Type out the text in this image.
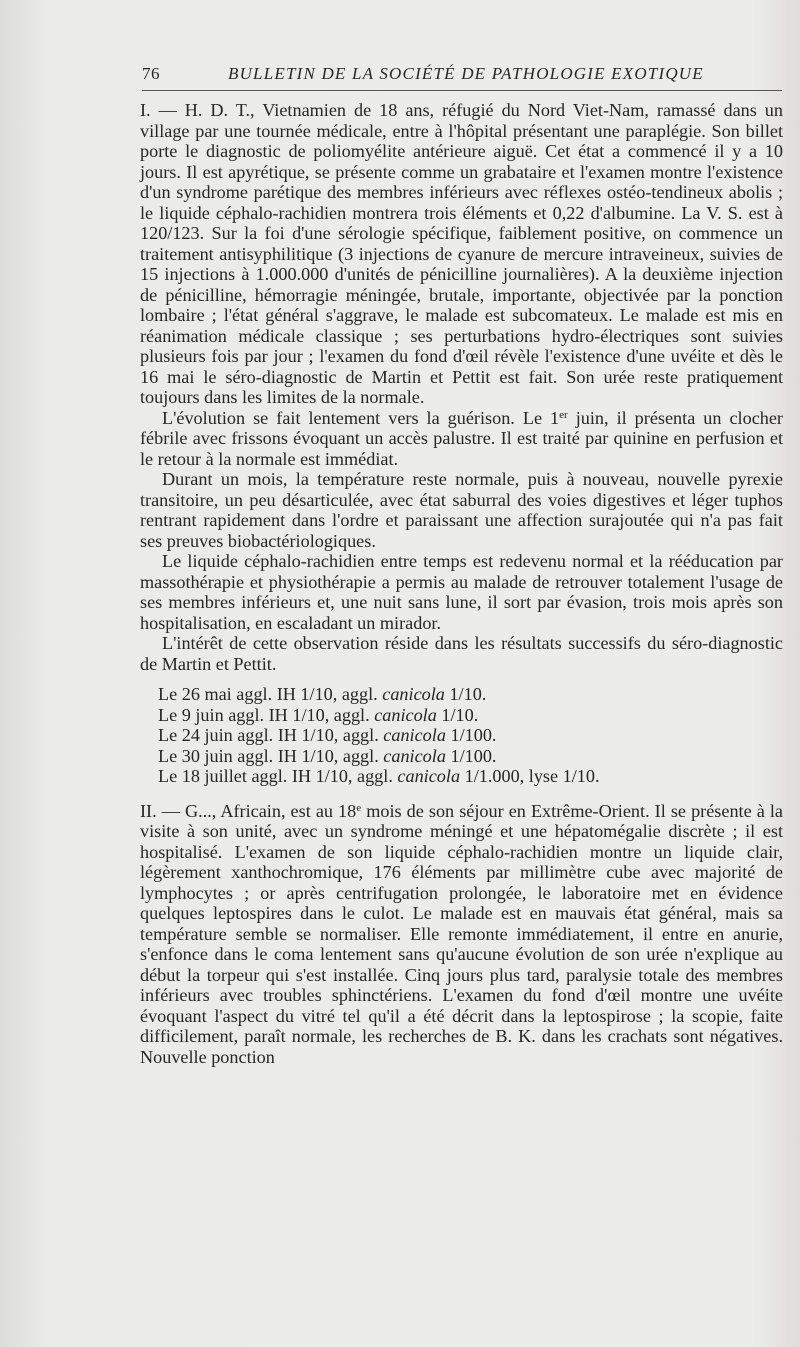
76	BULLETIN DE LA SOCIÉTÉ DE PATHOLOGIE EXOTIQUE

I. — H. D. T., Vietnamien de 18 ans, réfugié du Nord Viet-Nam, ramassé dans un village par une tournée médicale, entre à l'hôpital présentant une paraplégie. Son billet porte le diagnostic de poliomyélite antérieure aiguë. Cet état a commencé il y a 10 jours. Il est apyrétique, se présente comme un grabataire et l'examen montre l'existence d'un syndrome parétique des membres inférieurs avec réflexes ostéo-tendineux abolis ; le liquide céphalo-rachidien montrera trois éléments et 0,22 d'albumine. La V. S. est à 120/123. Sur la foi d'une sérologie spécifique, faiblement positive, on commence un traitement antisyphilitique (3 injections de cyanure de mercure intraveineux, suivies de 15 injections à 1.000.000 d'unités de pénicilline journalières). A la deuxième injection de pénicilline, hémorragie méningée, brutale, importante, objectivée par la ponction lombaire ; l'état général s'aggrave, le malade est subcomateux. Le malade est mis en réanimation médicale classique ; ses perturbations hydro-électriques sont suivies plusieurs fois par jour ; l'examen du fond d'œil révèle l'existence d'une uvéite et dès le 16 mai le séro-diagnostic de Martin et Pettit est fait. Son urée reste pratiquement toujours dans les limites de la normale.

L'évolution se fait lentement vers la guérison. Le 1er juin, il présenta un clocher fébrile avec frissons évoquant un accès palustre. Il est traité par quinine en perfusion et le retour à la normale est immédiat.

Durant un mois, la température reste normale, puis à nouveau, nouvelle pyrexie transitoire, un peu désarticulée, avec état saburral des voies digestives et léger tuphos rentrant rapidement dans l'ordre et paraissant une affection surajoutée qui n'a pas fait ses preuves biobactériologiques.

Le liquide céphalo-rachidien entre temps est redevenu normal et la rééducation par massothérapie et physiothérapie a permis au malade de retrouver totalement l'usage de ses membres inférieurs et, une nuit sans lune, il sort par évasion, trois mois après son hospitalisation, en escaladant un mirador.

L'intérêt de cette observation réside dans les résultats successifs du séro-diagnostic de Martin et Pettit.

Le 26 mai aggl. IH 1/10, aggl. canicola 1/10.
Le 9 juin aggl. IH 1/10, aggl. canicola 1/10.
Le 24 juin aggl. IH 1/10, aggl. canicola 1/100.
Le 30 juin aggl. IH 1/10, aggl. canicola 1/100.
Le 18 juillet aggl. IH 1/10, aggl. canicola 1/1.000, lyse 1/10.

II. — G..., Africain, est au 18e mois de son séjour en Extrême-Orient. Il se présente à la visite à son unité, avec un syndrome méningé et une hépatomégalie discrète ; il est hospitalisé. L'examen de son liquide céphalo-rachidien montre un liquide clair, légèrement xanthochromique, 176 éléments par millimètre cube avec majorité de lymphocytes ; or après centrifugation prolongée, le laboratoire met en évidence quelques leptospires dans le culot. Le malade est en mauvais état général, mais sa température semble se normaliser. Elle remonte immédiatement, il entre en anurie, s'enfonce dans le coma lentement sans qu'aucune évolution de son urée n'explique au début la torpeur qui s'est installée. Cinq jours plus tard, paralysie totale des membres inférieurs avec troubles sphinctériens. L'examen du fond d'œil montre une uvéite évoquant l'aspect du vitré tel qu'il a été décrit dans la leptospirose ; la scopie, faite difficilement, paraît normale, les recherches de B. K. dans les crachats sont négatives. Nouvelle ponction
